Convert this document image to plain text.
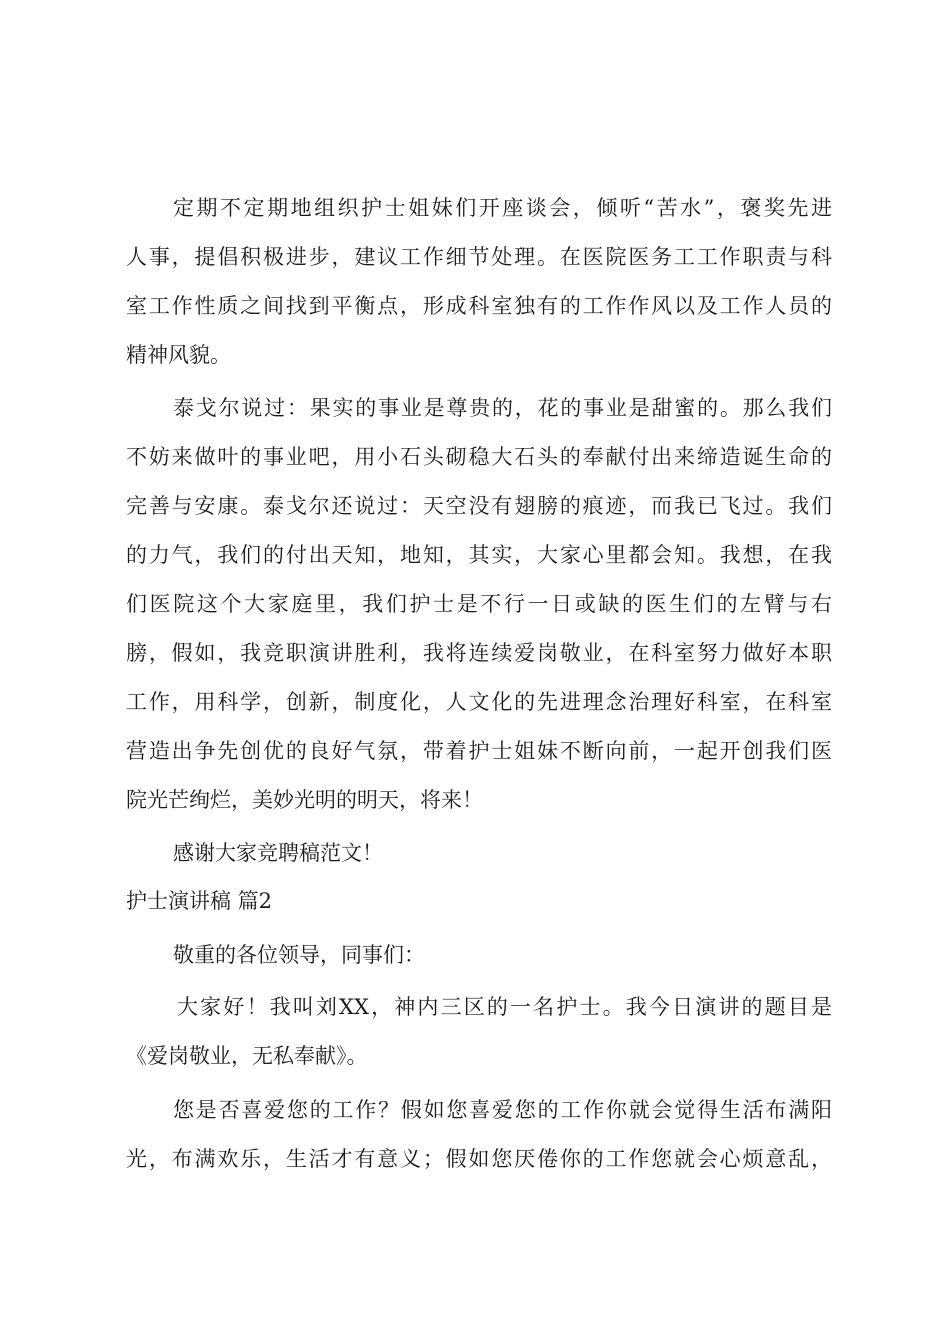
定期不定期地组织护士姐妹们开座谈会，倾听“苦水”，褒奖先进

人事，提倡积极进步，建议工作细节处理。在医院医务工工作职责与科

室工作性质之间找到平衡点，形成科室独有的工作作风以及工作人员的

精神风貌。

泰戈尔说过：果实的事业是尊贵的，花的事业是甜蜜的。那么我们

不妨来做叶的事业吧，用小石头砌稳大石头的奉献付出来缔造诞生命的

完善与安康。泰戈尔还说过：天空没有翅膀的痕迹，而我已飞过。我们

的力气，我们的付出天知，地知，其实，大家心里都会知。我想，在我

们医院这个大家庭里，我们护士是不行一日或缺的医生们的左臂与右

膀，假如，我竞职演讲胜利，我将连续爱岗敬业，在科室努力做好本职

工作，用科学，创新，制度化，人文化的先进理念治理好科室，在科室

营造出争先创优的良好气氛，带着护士姐妹不断向前，一起开创我们医

院光芒绚烂，美妙光明的明天，将来！

感谢大家竞聘稿范文！

护士演讲稿 篇2

敬重的各位领导，同事们：

大家好！我叫刘XX，神内三区的一名护士。我今日演讲的题目是

《爱岗敬业，无私奉献》。

您是否喜爱您的工作？假如您喜爱您的工作你就会觉得生活布满阳

光，布满欢乐，生活才有意义；假如您厌倦你的工作您就会心烦意乱，
